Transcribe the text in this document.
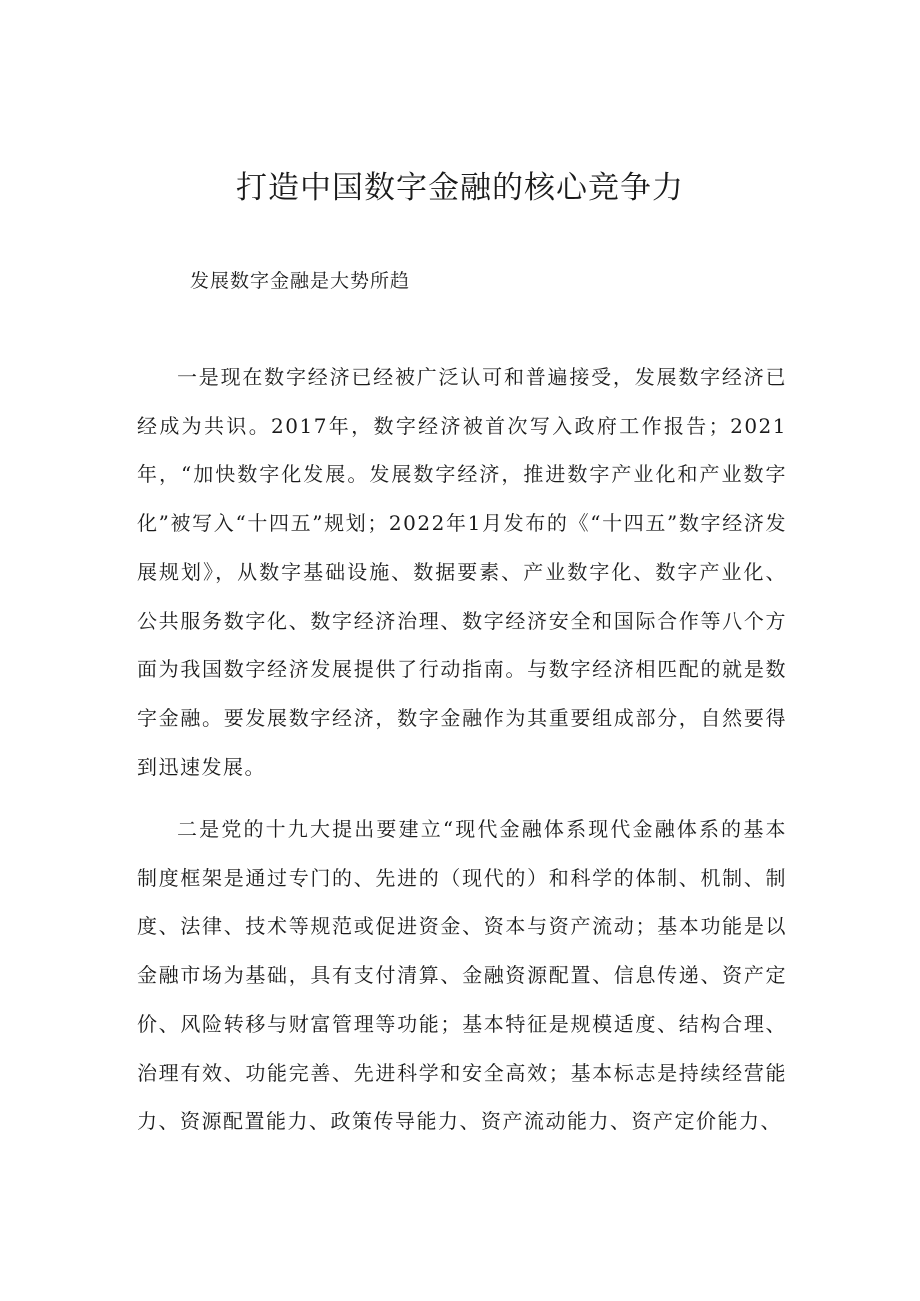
打造中国数字金融的核心竞争力

发展数字金融是大势所趋

一是现在数字经济已经被广泛认可和普遍接受，发展数字经济已经成为共识。2017年，数字经济被首次写入政府工作报告；2021年，“加快数字化发展。发展数字经济，推进数字产业化和产业数字化”被写入“十四五”规划；2022年1月发布的《“十四五”数字经济发展规划》，从数字基础设施、数据要素、产业数字化、数字产业化、公共服务数字化、数字经济治理、数字经济安全和国际合作等八个方面为我国数字经济发展提供了行动指南。与数字经济相匹配的就是数字金融。要发展数字经济，数字金融作为其重要组成部分，自然要得到迅速发展。

二是党的十九大提出要建立“现代金融体系现代金融体系的基本制度框架是通过专门的、先进的（现代的）和科学的体制、机制、制度、法律、技术等规范或促进资金、资本与资产流动；基本功能是以金融市场为基础，具有支付清算、金融资源配置、信息传递、资产定价、风险转移与财富管理等功能；基本特征是规模适度、结构合理、治理有效、功能完善、先进科学和安全高效；基本标志是持续经营能力、资源配置能力、政策传导能力、资产流动能力、资产定价能力、
